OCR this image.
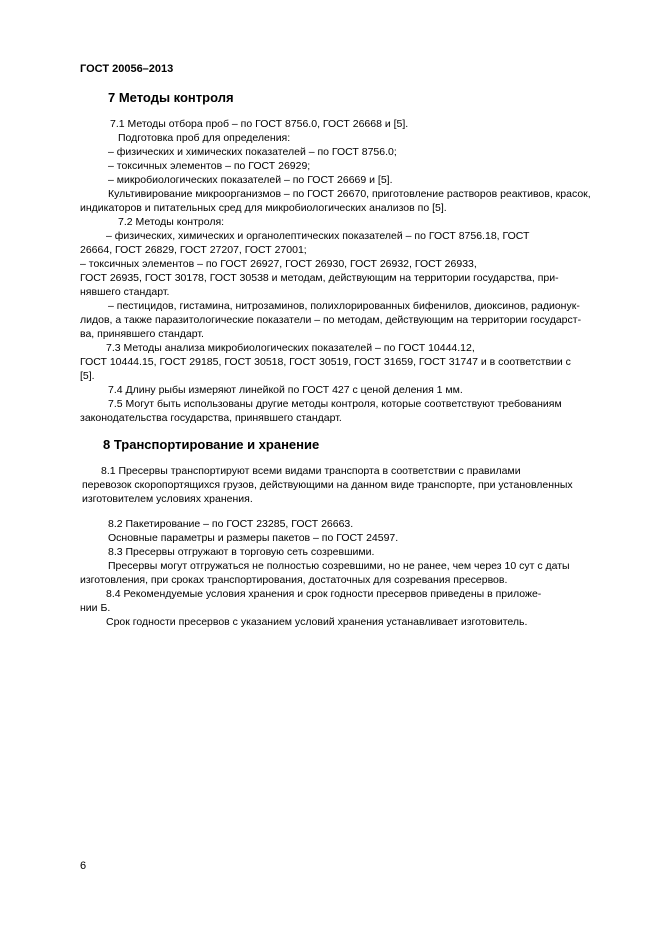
ГОСТ 20056–2013
7 Методы контроля
7.1 Методы отбора проб – по ГОСТ 8756.0, ГОСТ 26668 и [5].
Подготовка проб для определения:
– физических и химических показателей – по ГОСТ 8756.0;
– токсичных элементов – по ГОСТ 26929;
– микробиологических показателей – по ГОСТ 26669 и [5].
Культивирование микроорганизмов – по ГОСТ 26670, приготовление растворов реактивов, красок,
индикаторов и питательных сред для микробиологических анализов по [5].
7.2 Методы контроля:
– физических, химических и органолептических показателей – по ГОСТ 8756.18, ГОСТ
26664, ГОСТ 26829, ГОСТ 27207, ГОСТ 27001;
– токсичных элементов – по ГОСТ 26927, ГОСТ 26930, ГОСТ 26932, ГОСТ 26933,
ГОСТ 26935, ГОСТ 30178, ГОСТ 30538 и методам, действующим на территории государства, при-
нявшего стандарт.
– пестицидов, гистамина, нитрозаминов, полихлорированных бифенилов, диоксинов, радионук-
лидов, а также паразитологические показатели – по методам, действующим на территории государст-
ва, принявшего стандарт.
7.3 Методы анализа микробиологических показателей – по ГОСТ 10444.12,
ГОСТ 10444.15, ГОСТ 29185, ГОСТ 30518, ГОСТ 30519, ГОСТ 31659, ГОСТ 31747 и в соответствии с
[5].
7.4 Длину рыбы измеряют линейкой по ГОСТ 427 с ценой деления 1 мм.
7.5 Могут быть использованы другие методы контроля, которые соответствуют требованиям
законодательства государства, принявшего стандарт.
8 Транспортирование и хранение
8.1 Пресервы транспортируют всеми видами транспорта в соответствии с правилами
перевозок скоропортящихся грузов, действующими на данном виде транспорте, при установленных
изготовителем условиях хранения.
8.2 Пакетирование – по ГОСТ 23285, ГОСТ 26663.
Основные параметры и размеры пакетов – по ГОСТ 24597.
8.3 Пресервы отгружают в торговую сеть созревшими.
Пресервы могут отгружаться не полностью созревшими, но не ранее, чем через 10 сут с даты
изготовления, при сроках транспортирования, достаточных для созревания пресервов.
8.4 Рекомендуемые условия хранения и срок годности пресервов приведены в приложе-
нии Б.
Срок годности пресервов с указанием условий хранения устанавливает изготовитель.
6
